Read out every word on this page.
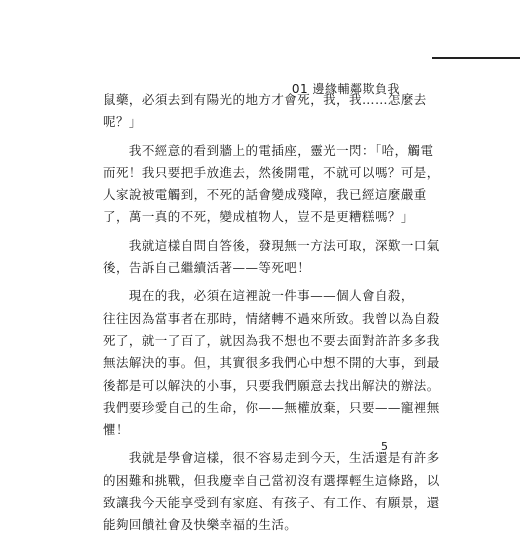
01 邊緣輔鄰欺負我
鼠藥，必須去到有陽光的地方才會死，我，我……怎麼去
呢？」
　　我不經意的看到牆上的電插座，靈光一閃：「哈，觸電
而死！我只要把手放進去，然後開電，不就可以嗎？可是，
人家說被電觸到，不死的話會變成殘障，我已經這麼嚴重
了，萬一真的不死，變成植物人，豈不是更糟糕嗎？」
　　我就這樣自問自答後，發現無一方法可取，深歎一口氣
後，告訴自己繼續活著——等死吧！
　　現在的我，必須在這裡說一件事——個人會自殺，
往往因為當事者在那時，情緒轉不過來所致。我曾以為自殺
死了，就一了百了，就因為我不想也不要去面對許許多多我
無法解決的事。但，其實很多我們心中想不開的大事，到最
後都是可以解決的小事，只要我們願意去找出解決的辦法。
我們要珍愛自己的生命，你——無權放棄，只要——寵裡無
懼！
　　我就是學會這樣，很不容易走到今天，生活還是有許多
的困難和挑戰，但我慶幸自己當初沒有選擇輕生這條路，以
致讓我今天能享受到有家庭、有孩子、有工作、有願景，還
能夠回饋社會及快樂幸福的生活。
5
